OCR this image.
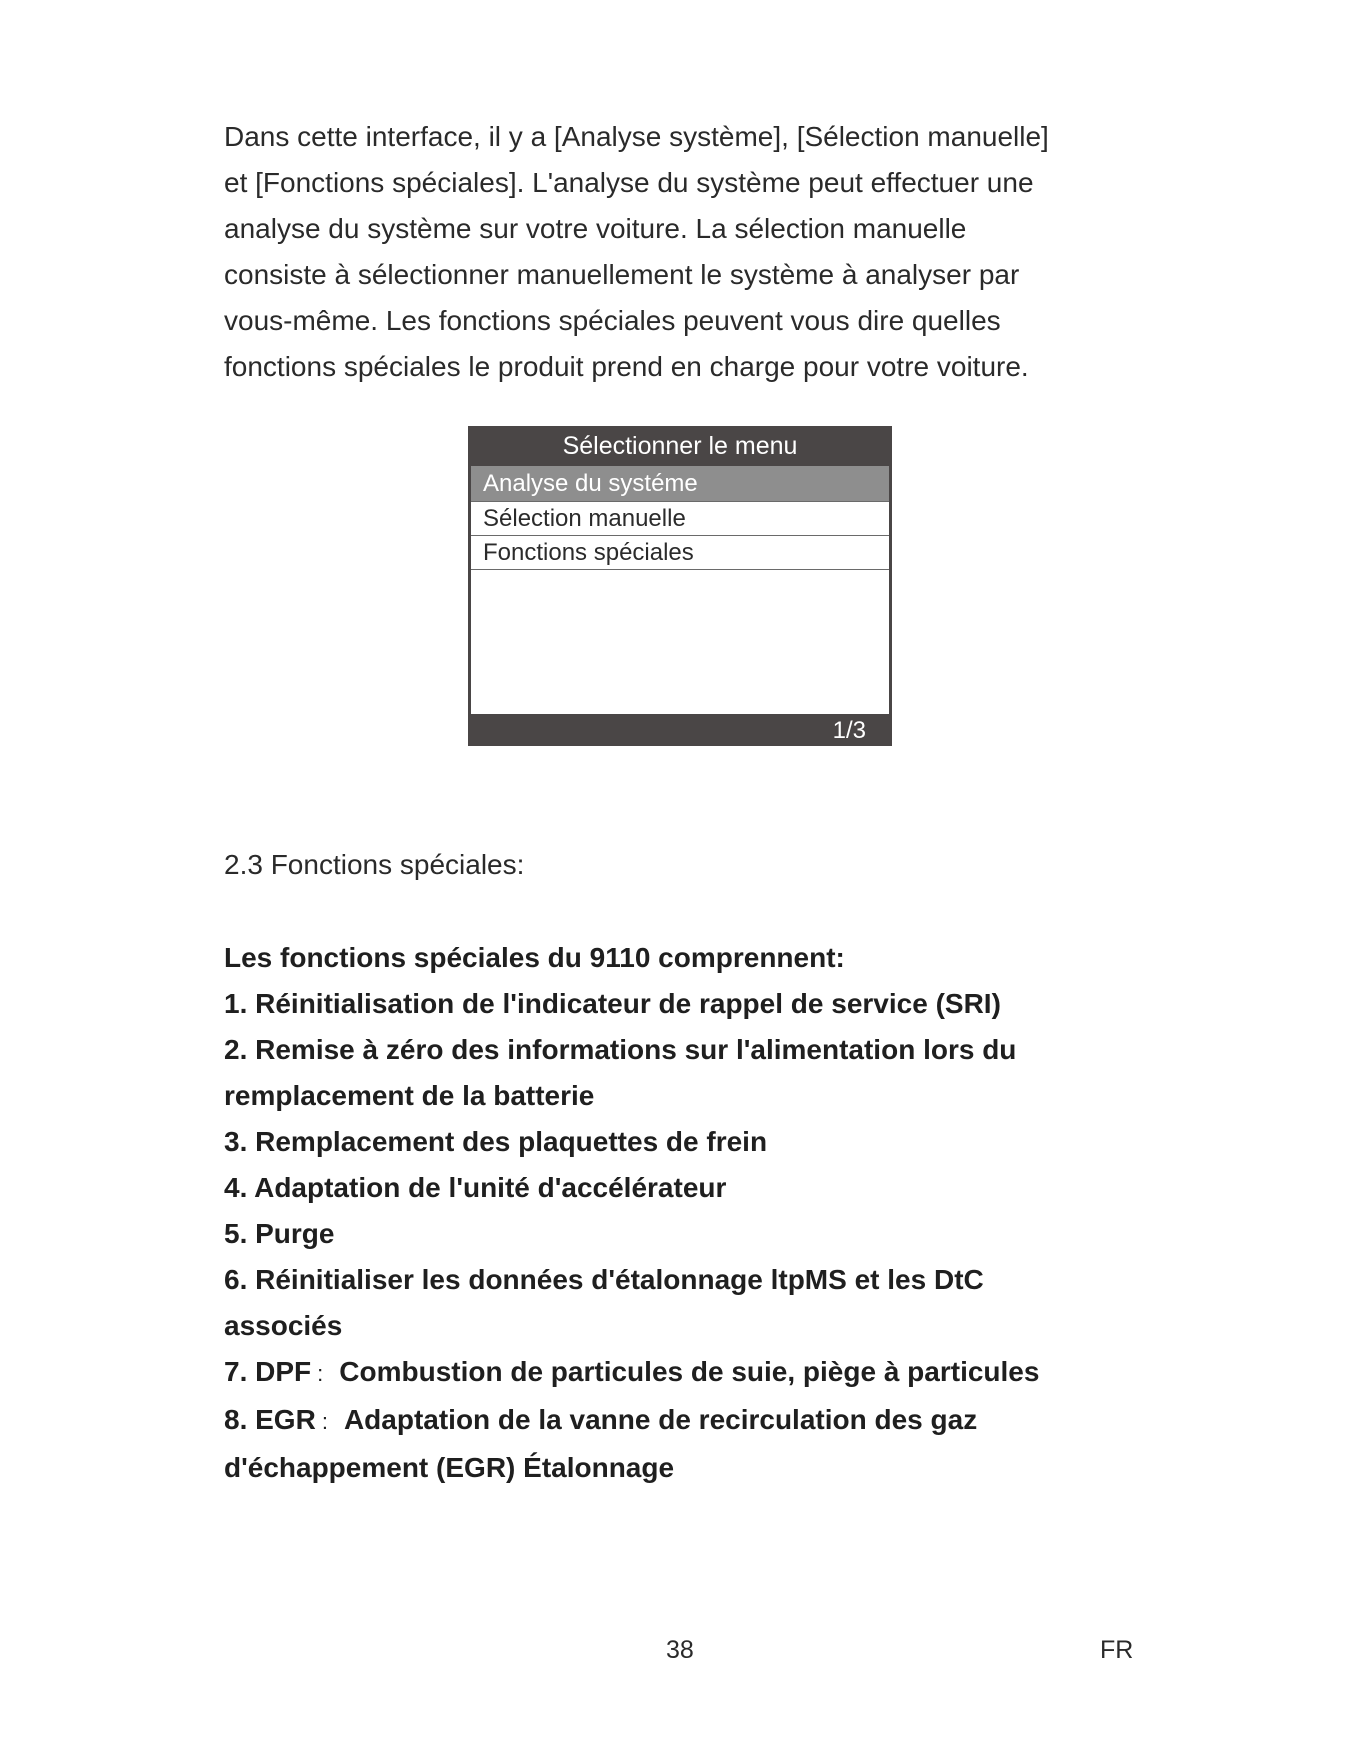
Dans cette interface, il y a [Analyse système], [Sélection manuelle]
et [Fonctions spéciales]. L'analyse du système peut effectuer une
analyse du système sur votre voiture. La sélection manuelle
consiste à sélectionner manuellement le système à analyser par
vous-même. Les fonctions spéciales peuvent vous dire quelles
fonctions spéciales le produit prend en charge pour votre voiture.
Sélectionner le menu
Analyse du systéme
Sélection manuelle
Fonctions spéciales
1/3
2.3 Fonctions spéciales:
Les fonctions spéciales du 9110 comprennent:
1. Réinitialisation de l'indicateur de rappel de service (SRI)
2. Remise à zéro des informations sur l'alimentation lors du
remplacement de la batterie
3. Remplacement des plaquettes de frein
4. Adaptation de l'unité d'accélérateur
5. Purge
6. Réinitialiser les données d'étalonnage ltpMS et les DtC
associés
7. DPF : Combustion de particules de suie, piège à particules
8. EGR : Adaptation de la vanne de recirculation des gaz
d'échappement (EGR) Étalonnage
38	FR
